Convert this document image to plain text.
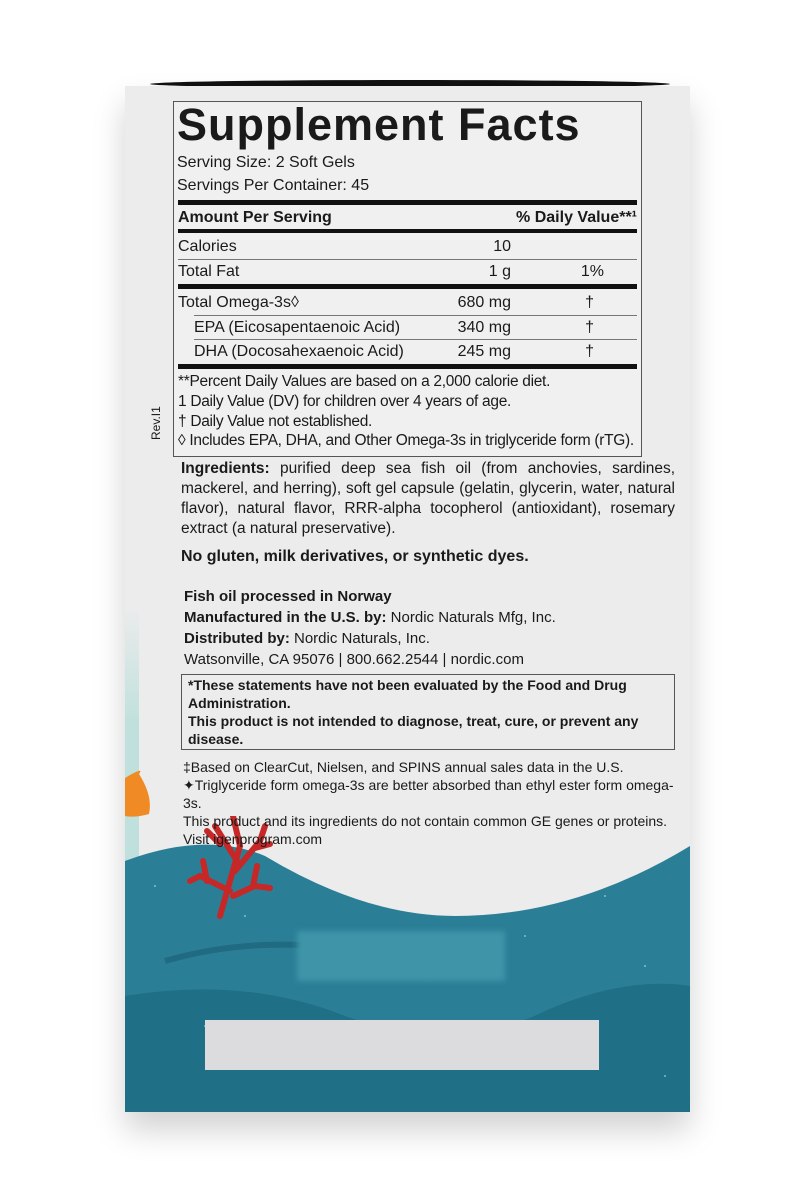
Rev.I1
Supplement Facts
Serving Size: 2 Soft Gels
Servings Per Container: 45
Amount Per Serving	% Daily Value**¹
Calories	10
Total Fat	1 g	1%
Total Omega-3s◊	680 mg	†
EPA (Eicosapentaenoic Acid)	340 mg	†
DHA (Docosahexaenoic Acid)	245 mg	†
**Percent Daily Values are based on a 2,000 calorie diet.
1 Daily Value (DV) for children over 4 years of age.
† Daily Value not established.
◊ Includes EPA, DHA, and Other Omega-3s in triglyceride form (rTG).
Ingredients: purified deep sea fish oil (from anchovies, sardines, mackerel, and herring), soft gel capsule (gelatin, glycerin, water, natural flavor), natural flavor, RRR-alpha tocopherol (antioxidant), rosemary extract (a natural preservative).
No gluten, milk derivatives, or synthetic dyes.
Fish oil processed in Norway
Manufactured in the U.S. by: Nordic Naturals Mfg, Inc.
Distributed by: Nordic Naturals, Inc.
Watsonville, CA 95076 | 800.662.2544 | nordic.com
*These statements have not been evaluated by the Food and Drug Administration.
This product is not intended to diagnose, treat, cure, or prevent any disease.
‡Based on ClearCut, Nielsen, and SPINS annual sales data in the U.S.
✦Triglyceride form omega-3s are better absorbed than ethyl ester form omega-3s.
This product and its ingredients do not contain common GE genes or proteins.
Visit igenprogram.com
